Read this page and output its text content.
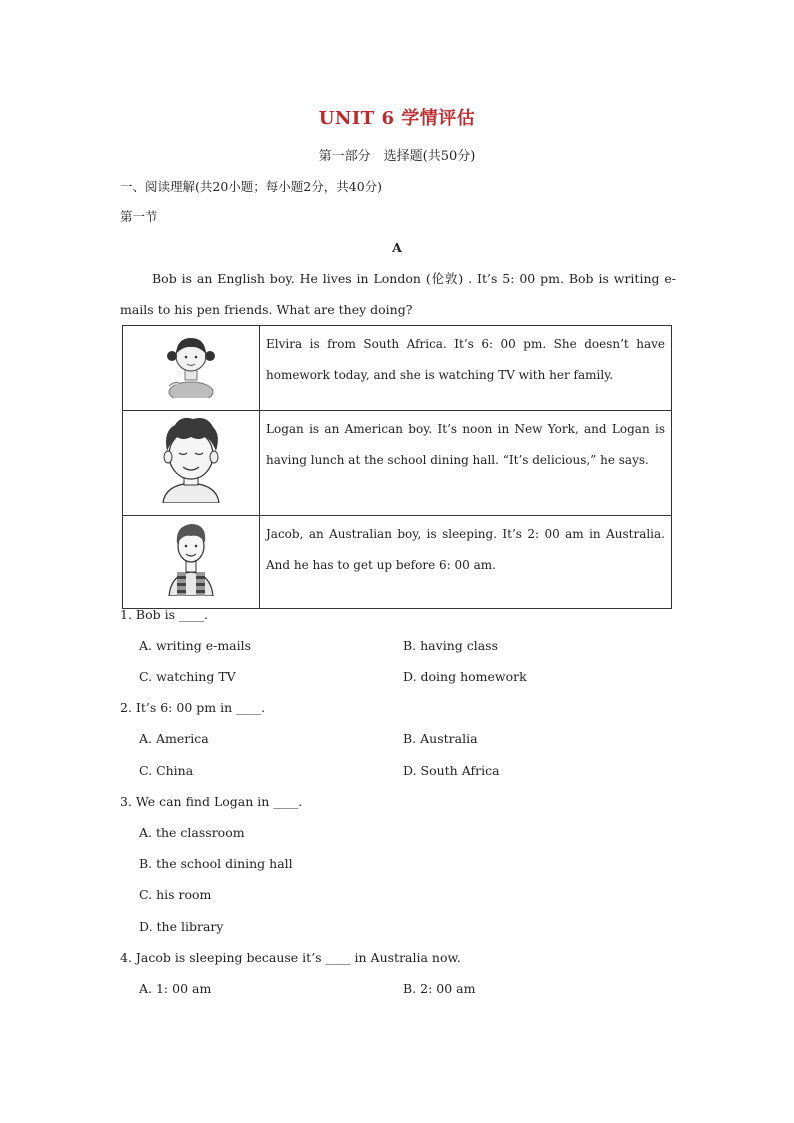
UNIT 6 学情评估
第一部分　选择题(共50分)
一、阅读理解(共20小题；每小题2分，共40分)
第一节
A
Bob is an English boy. He lives in London (伦敦) . It’s 5: 00 pm. Bob is writing e-mails to his pen friends. What are they doing?
	Elvira is from South Africa. It’s 6: 00 pm. She doesn’t have homework today, and she is watching TV with her family.
	Logan is an American boy. It’s noon in New York, and Logan is having lunch at the school dining hall. “It’s delicious,” he says.
	Jacob, an Australian boy, is sleeping. It’s 2: 00 am in Australia. And he has to get up before 6: 00 am.
1. Bob is ____.
A. writing e-mails	B. having class
C. watching TV	D. doing homework
2. It’s 6: 00 pm in ____.
A. America	B. Australia
C. China	D. South Africa
3. We can find Logan in ____.
A. the classroom
B. the school dining hall
C. his room
D. the library
4. Jacob is sleeping because it’s ____ in Australia now.
A. 1: 00 am	B. 2: 00 am
